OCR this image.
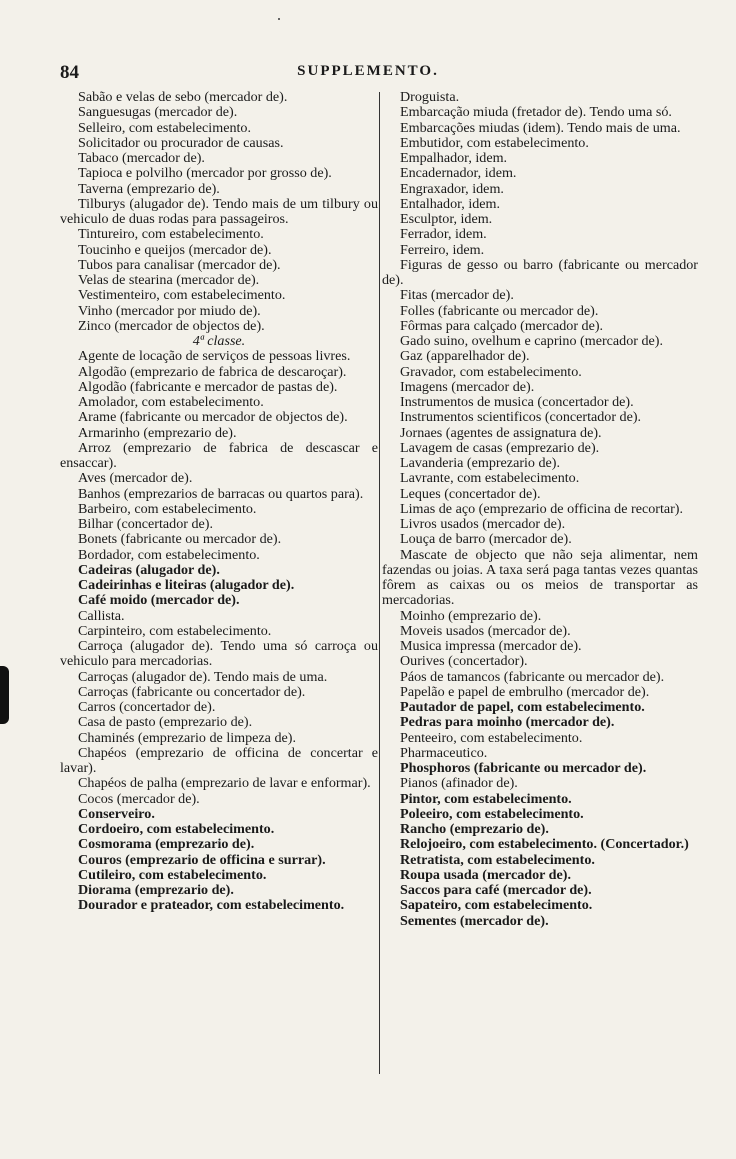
84	SUPPLEMENTO.

Sabão e velas de sebo (mercador de).

Sanguesugas (mercador de).

Selleiro, com estabelecimento.

Solicitador ou procurador de causas.

Tabaco (mercador de).

Tapioca e polvilho (mercador por grosso de).

Taverna (emprezario de).

Tilburys (alugador de). Tendo mais de um tilbury ou vehiculo de duas rodas para passageiros.

Tintureiro, com estabelecimento.

Toucinho e queijos (mercador de).

Tubos para canalisar (mercador de).

Velas de stearina (mercador de).

Vestimenteiro, com estabelecimento.

Vinho (mercador por miudo de).

Zinco (mercador de objectos de).

4ª classe.

Agente de locação de serviços de pessoas livres.

Algodão (emprezario de fabrica de descaroçar).

Algodão (fabricante e mercador de pastas de).

Amolador, com estabelecimento.

Arame (fabricante ou mercador de objectos de).

Armarinho (emprezario de).

Arroz (emprezario de fabrica de descascar e ensaccar).

Aves (mercador de).

Banhos (emprezarios de barracas ou quartos para).

Barbeiro, com estabelecimento.

Bilhar (concertador de).

Bonets (fabricante ou mercador de).

Bordador, com estabelecimento.

Cadeiras (alugador de).

Cadeirinhas e liteiras (alugador de).

Café moido (mercador de).

Callista.

Carpinteiro, com estabelecimento.

Carroça (alugador de). Tendo uma só carroça ou vehiculo para mercadorias.

Carroças (alugador de). Tendo mais de uma.

Carroças (fabricante ou concertador de).

Carros (concertador de).

Casa de pasto (emprezario de).

Chaminés (emprezario de limpeza de).

Chapéos (emprezario de officina de concertar e lavar).

Chapéos de palha (emprezario de lavar e enformar).

Cocos (mercador de).

Conserveiro.

Cordoeiro, com estabelecimento.

Cosmorama (emprezario de).

Couros (emprezario de officina e surrar).

Cutileiro, com estabelecimento.

Diorama (emprezario de).

Dourador e prateador, com estabelecimento.

Droguista.

Embarcação miuda (fretador de). Tendo uma só.

Embarcações miudas (idem). Tendo mais de uma.

Embutidor, com estabelecimento.

Empalhador, idem.

Encadernador, idem.

Engraxador, idem.

Entalhador, idem.

Esculptor, idem.

Ferrador, idem.

Ferreiro, idem.

Figuras de gesso ou barro (fabricante ou mercador de).

Fitas (mercador de).

Folles (fabricante ou mercador de).

Fôrmas para calçado (mercador de).

Gado suino, ovelhum e caprino (mercador de).

Gaz (apparelhador de).

Gravador, com estabelecimento.

Imagens (mercador de).

Instrumentos de musica (concertador de).

Instrumentos scientificos (concertador de).

Jornaes (agentes de assignatura de).

Lavagem de casas (emprezario de).

Lavanderia (emprezario de).

Lavrante, com estabelecimento.

Leques (concertador de).

Limas de aço (emprezario de officina de recortar).

Livros usados (mercador de).

Louça de barro (mercador de).

Mascate de objecto que não seja alimentar, nem fazendas ou joias. A taxa será paga tantas vezes quantas fôrem as caixas ou os meios de transportar as mercadorias.

Moinho (emprezario de).

Moveis usados (mercador de).

Musica impressa (mercador de).

Ourives (concertador).

Páos de tamancos (fabricante ou mercador de).

Papelão e papel de embrulho (mercador de).

Pautador de papel, com estabelecimento.

Pedras para moinho (mercador de).

Penteeiro, com estabelecimento.

Pharmaceutico.

Phosphoros (fabricante ou mercador de).

Pianos (afinador de).

Pintor, com estabelecimento.

Poleeiro, com estabelecimento.

Rancho (emprezario de).

Relojoeiro, com estabelecimento. (Concertador.)

Retratista, com estabelecimento.

Roupa usada (mercador de).

Saccos para café (mercador de).

Sapateiro, com estabelecimento.

Sementes (mercador de).
